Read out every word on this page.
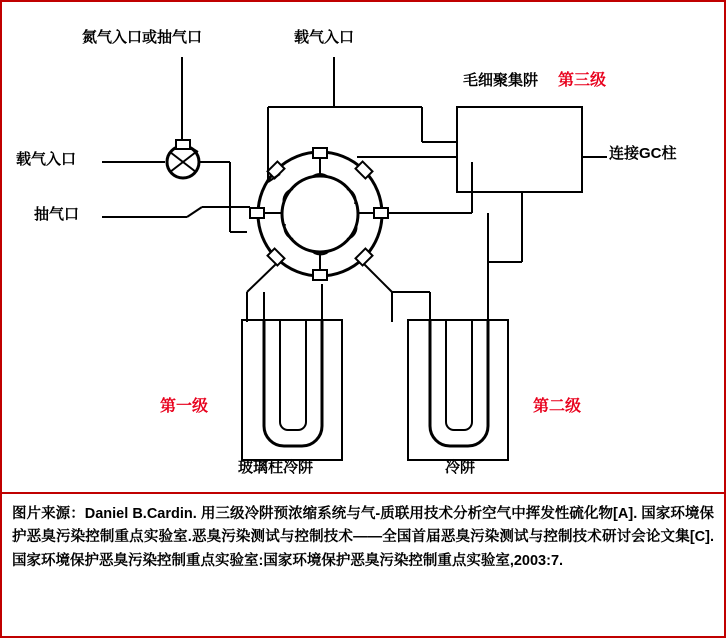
氮气入口或抽气口	载气入口
载气入口
抽气口
毛细聚集阱 第三级
连接GC柱
第一级	第二级
玻璃柱冷阱	冷阱

图片来源：Daniel B.Cardin. 用三级冷阱预浓缩系统与气-质联用技术分析空气中挥发性硫化物[A]. 国家环境保护恶臭污染控制重点实验室.恶臭污染测试与控制技术——全国首届恶臭污染测试与控制技术研讨会论文集[C].国家环境保护恶臭污染控制重点实验室:国家环境保护恶臭污染控制重点实验室,2003:7.
